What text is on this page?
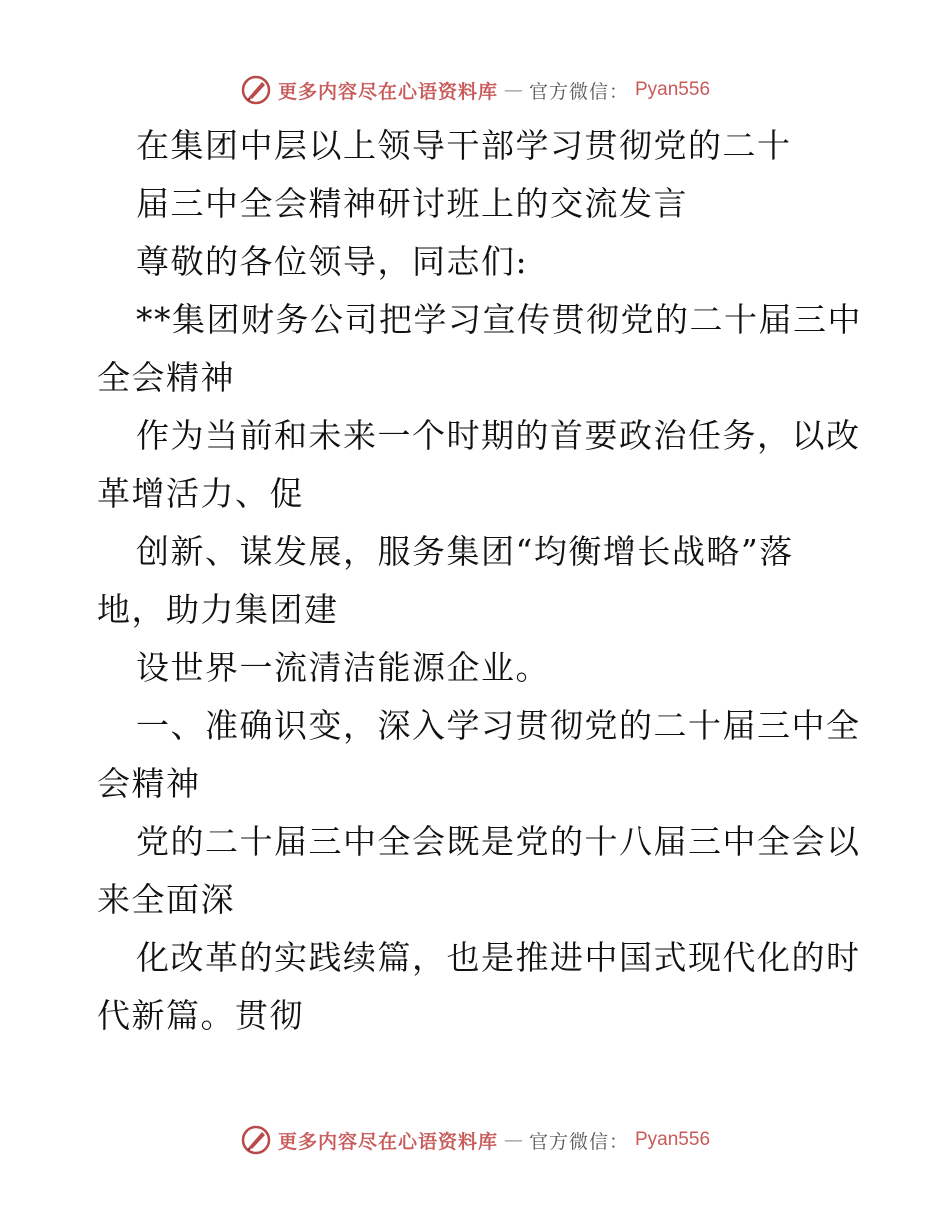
更多内容尽在心语资料库 — 官方微信： Pyan556
在集团中层以上领导干部学习贯彻党的二十
届三中全会精神研讨班上的交流发言
尊敬的各位领导，同志们:
**集团财务公司把学习宣传贯彻党的二十届三中
全会精神
作为当前和未来一个时期的首要政治任务，以改
革增活力、促
创新、谋发展，服务集团“均衡增长战略”落
地，助力集团建
设世界一流清洁能源企业。
一、准确识变，深入学习贯彻党的二十届三中全
会精神
党的二十届三中全会既是党的十八届三中全会以
来全面深
化改革的实践续篇，也是推进中国式现代化的时
代新篇。贯彻
更多内容尽在心语资料库 — 官方微信： Pyan556
